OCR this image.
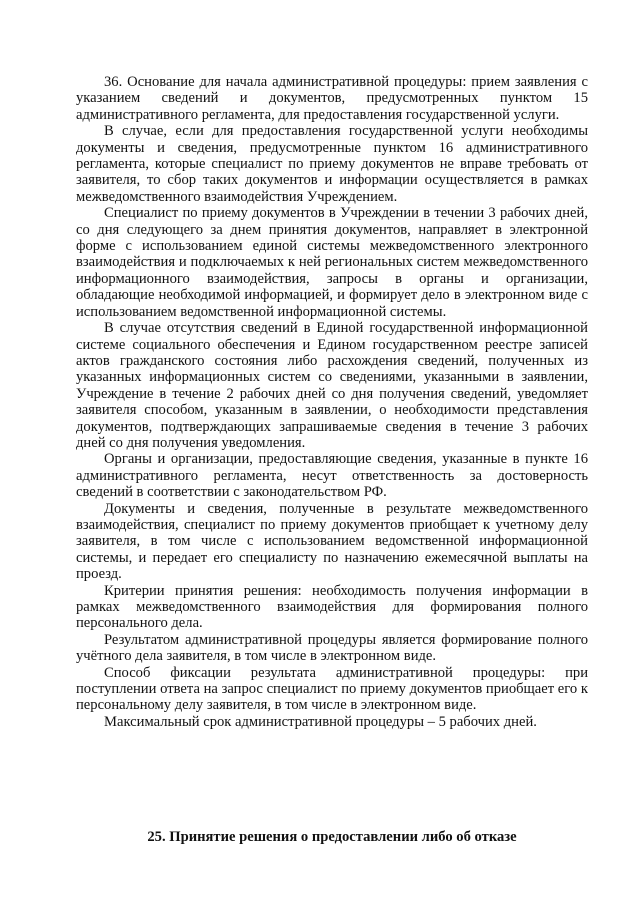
36. Основание для начала административной процедуры: прием заявления с указанием сведений и документов, предусмотренных пунктом 15 административного регламента, для предоставления государственной услуги.

В случае, если для предоставления государственной услуги необходимы документы и сведения, предусмотренные пунктом 16 административного регламента, которые специалист по приему документов не вправе требовать от заявителя, то сбор таких документов и информации осуществляется в рамках межведомственного взаимодействия Учреждением.

Специалист по приему документов в Учреждении в течении 3 рабочих дней, со дня следующего за днем принятия документов, направляет в электронной форме с использованием единой системы межведомственного электронного взаимодействия и подключаемых к ней региональных систем межведомственного информационного взаимодействия, запросы в органы и организации, обладающие необходимой информацией, и формирует дело в электронном виде с использованием ведомственной информационной системы.

В случае отсутствия сведений в Единой государственной информационной системе социального обеспечения и Едином государственном реестре записей актов гражданского состояния либо расхождения сведений, полученных из указанных информационных систем со сведениями, указанными в заявлении, Учреждение в течение 2 рабочих дней со дня получения сведений, уведомляет заявителя способом, указанным в заявлении, о необходимости представления документов, подтверждающих запрашиваемые сведения в течение 3 рабочих дней со дня получения уведомления.

Органы и организации, предоставляющие сведения, указанные в пункте 16 административного регламента, несут ответственность за достоверность сведений в соответствии с законодательством РФ.

Документы и сведения, полученные в результате межведомственного взаимодействия, специалист по приему документов приобщает к учетному делу заявителя, в том числе с использованием ведомственной информационной системы, и передает его специалисту по назначению ежемесячной выплаты на проезд.

Критерии принятия решения: необходимость получения информации в рамках межведомственного взаимодействия для формирования полного персонального дела.

Результатом административной процедуры является формирование полного учётного дела заявителя, в том числе в электронном виде.

Способ фиксации результата административной процедуры: при поступлении ответа на запрос специалист по приему документов приобщает его к персональному делу заявителя, в том числе в электронном виде.

Максимальный срок административной процедуры – 5 рабочих дней.

25. Принятие решения о предоставлении либо об отказе
